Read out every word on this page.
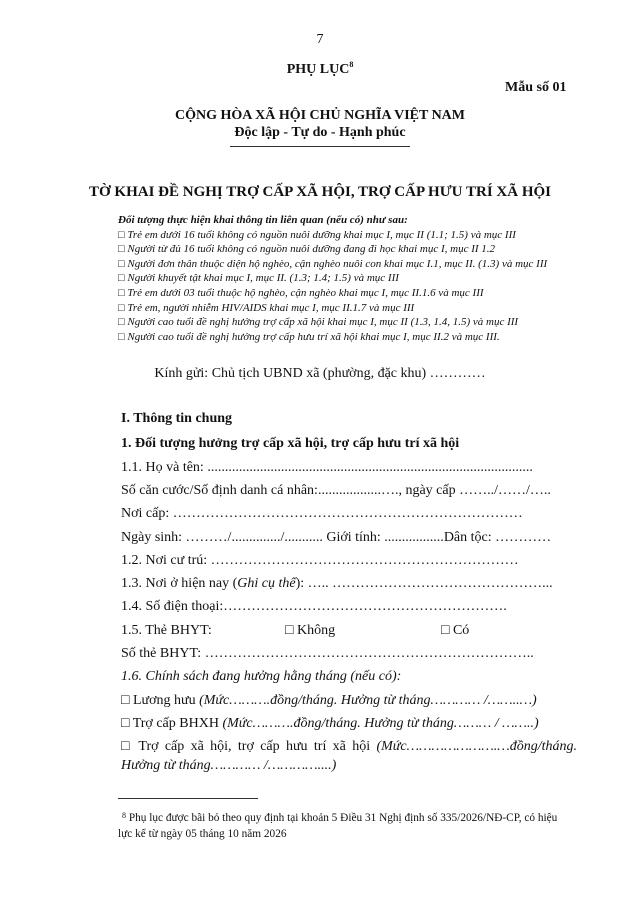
7
PHỤ LỤC$^8$
Mẫu số 01
CỘNG HÒA XÃ HỘI CHỦ NGHĨA VIỆT NAM
Độc lập - Tự do - Hạnh phúc
TỜ KHAI ĐỀ NGHỊ TRỢ CẤP XÃ HỘI, TRỢ CẤP HƯU TRÍ XÃ HỘI
Đối tượng thực hiện khai thông tin liên quan (nếu có) như sau:
□ Trẻ em dưới 16 tuổi không có nguồn nuôi dưỡng khai mục I, mục II (1.1; 1.5) và mục III
□ Người từ đủ 16 tuổi không có nguồn nuôi dưỡng đang đi học khai mục I, mục II 1.2
□ Người đơn thân thuộc diện hộ nghèo, cận nghèo nuôi con khai mục I.1, mục II. (1.3) và mục III
□ Người khuyết tật khai mục I, mục II. (1.3; 1.4; 1.5) và mục III
□ Trẻ em dưới 03 tuổi thuộc hộ nghèo, cận nghèo khai mục I, mục II.1.6 và mục III
□ Trẻ em, người nhiễm HIV/AIDS khai mục I, mục II.1.7 và mục III
□ Người cao tuổi đề nghị hưởng trợ cấp xã hội khai mục I, mục II (1.3, 1.4, 1.5) và mục III
□ Người cao tuổi đề nghị hưởng trợ cấp hưu trí xã hội khai mục I, mục II.2 và mục III.
Kính gửi: Chủ tịch UBND xã (phường, đặc khu) …………
I. Thông tin chung
1. Đối tượng hưởng trợ cấp xã hội, trợ cấp hưu trí xã hội
1.1. Họ và tên: .............................................................................................
Số căn cước/Số định danh cá nhân:..................…., ngày cấp ……../……/…..
Nơi cấp: …………………………………………………………………
Ngày sinh: ………/............../........... Giới tính: .................Dân tộc: …………
1.2. Nơi cư trú: …………………………………………………………
1.3. Nơi ở hiện nay (Ghi cụ thể): ….. ………………………………………...
1.4. Số điện thoại:…………………………………………………….
1.5. Thẻ BHYT:	□ Không	□ Có
Số thẻ BHYT: ……………………………………………………………..
1.6. Chính sách đang hưởng hằng tháng (nếu có):
□ Lương hưu (Mức……….đồng/tháng. Hưởng từ tháng………… /……..…)
□ Trợ cấp BHXH (Mức……….đồng/tháng. Hưởng từ tháng……… / ……..)
□ Trợ cấp xã hội, trợ cấp hưu trí xã hội (Mức………………….…đồng/tháng.
Hưởng từ tháng………… /…………....)
$^8$ Phụ lục được bãi bỏ theo quy định tại khoản 5 Điều 31 Nghị định số 335/2026/NĐ-CP, có hiệu lực kể từ ngày 05 tháng 10 năm 2026
